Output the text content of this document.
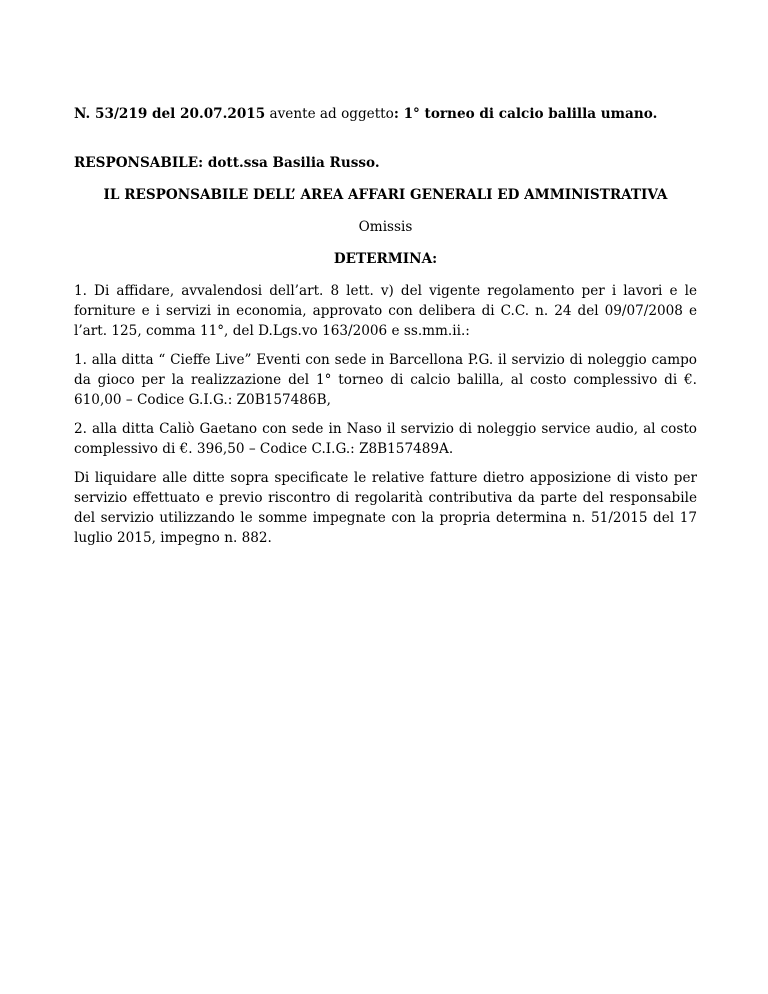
N. 53/219 del 20.07.2015 avente ad oggetto: 1° torneo di calcio balilla umano.

RESPONSABILE: dott.ssa Basilia Russo.

IL RESPONSABILE DELL’ AREA AFFARI GENERALI ED AMMINISTRATIVA

Omissis

DETERMINA:

1. Di affidare, avvalendosi dell’art. 8 lett. v) del vigente regolamento per i lavori e le forniture e i servizi in economia, approvato con delibera di C.C. n. 24 del 09/07/2008 e l’art. 125, comma 11°, del D.Lgs.vo 163/2006 e ss.mm.ii.:

1. alla ditta “ Cieffe Live” Eventi con sede in Barcellona P.G. il servizio di noleggio campo da gioco per la realizzazione del 1° torneo di calcio balilla, al costo complessivo di €. 610,00 – Codice G.I.G.: Z0B157486B,

2. alla ditta Caliò Gaetano con sede in Naso il servizio di noleggio service audio, al costo complessivo di €. 396,50 – Codice C.I.G.: Z8B157489A.

Di liquidare alle ditte sopra specificate le relative fatture dietro apposizione di visto per servizio effettuato e previo riscontro di regolarità contributiva da parte del responsabile del servizio utilizzando le somme impegnate con la propria determina n. 51/2015 del 17 luglio 2015, impegno n. 882.
